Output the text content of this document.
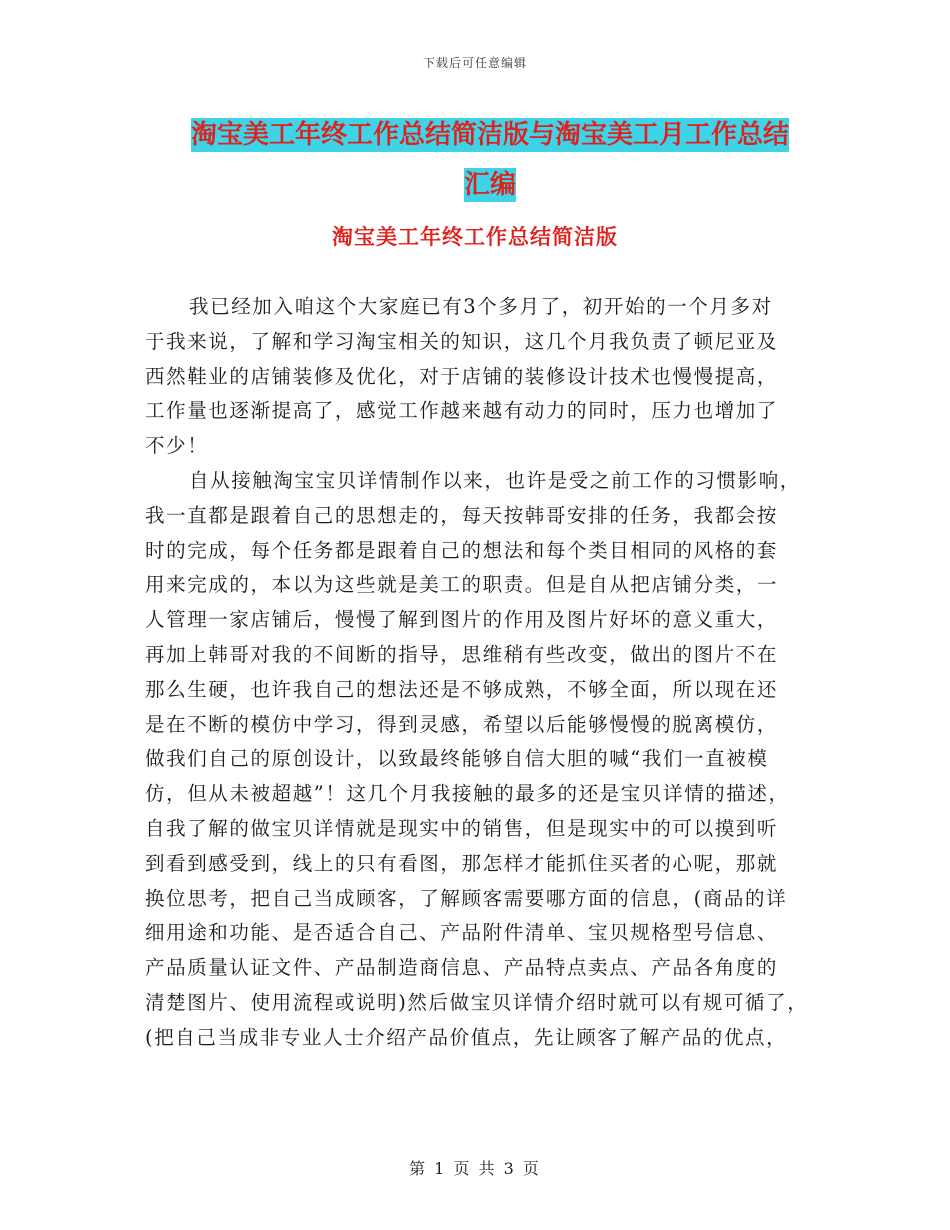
下载后可任意编辑
淘宝美工年终工作总结简洁版与淘宝美工月工作总结
汇编
淘宝美工年终工作总结简洁版
我已经加入咱这个大家庭已有3个多月了，初开始的一个月多对
于我来说，了解和学习淘宝相关的知识，这几个月我负责了顿尼亚及
西然鞋业的店铺装修及优化，对于店铺的装修设计技术也慢慢提高，
工作量也逐渐提高了，感觉工作越来越有动力的同时，压力也增加了
不少！
自从接触淘宝宝贝详情制作以来，也许是受之前工作的习惯影响，
我一直都是跟着自己的思想走的，每天按韩哥安排的任务，我都会按
时的完成，每个任务都是跟着自己的想法和每个类目相同的风格的套
用来完成的，本以为这些就是美工的职责。但是自从把店铺分类，一
人管理一家店铺后，慢慢了解到图片的作用及图片好坏的意义重大，
再加上韩哥对我的不间断的指导，思维稍有些改变，做出的图片不在
那么生硬，也许我自己的想法还是不够成熟，不够全面，所以现在还
是在不断的模仿中学习，得到灵感，希望以后能够慢慢的脱离模仿，
做我们自己的原创设计，以致最终能够自信大胆的喊“我们一直被模
仿，但从未被超越”！这几个月我接触的最多的还是宝贝详情的描述，
自我了解的做宝贝详情就是现实中的销售，但是现实中的可以摸到听
到看到感受到，线上的只有看图，那怎样才能抓住买者的心呢，那就
换位思考，把自己当成顾客，了解顾客需要哪方面的信息，(商品的详
细用途和功能、是否适合自己、产品附件清单、宝贝规格型号信息、
产品质量认证文件、产品制造商信息、产品特点卖点、产品各角度的
清楚图片、使用流程或说明)然后做宝贝详情介绍时就可以有规可循了，
(把自己当成非专业人士介绍产品价值点，先让顾客了解产品的优点，
第 1 页 共 3 页
